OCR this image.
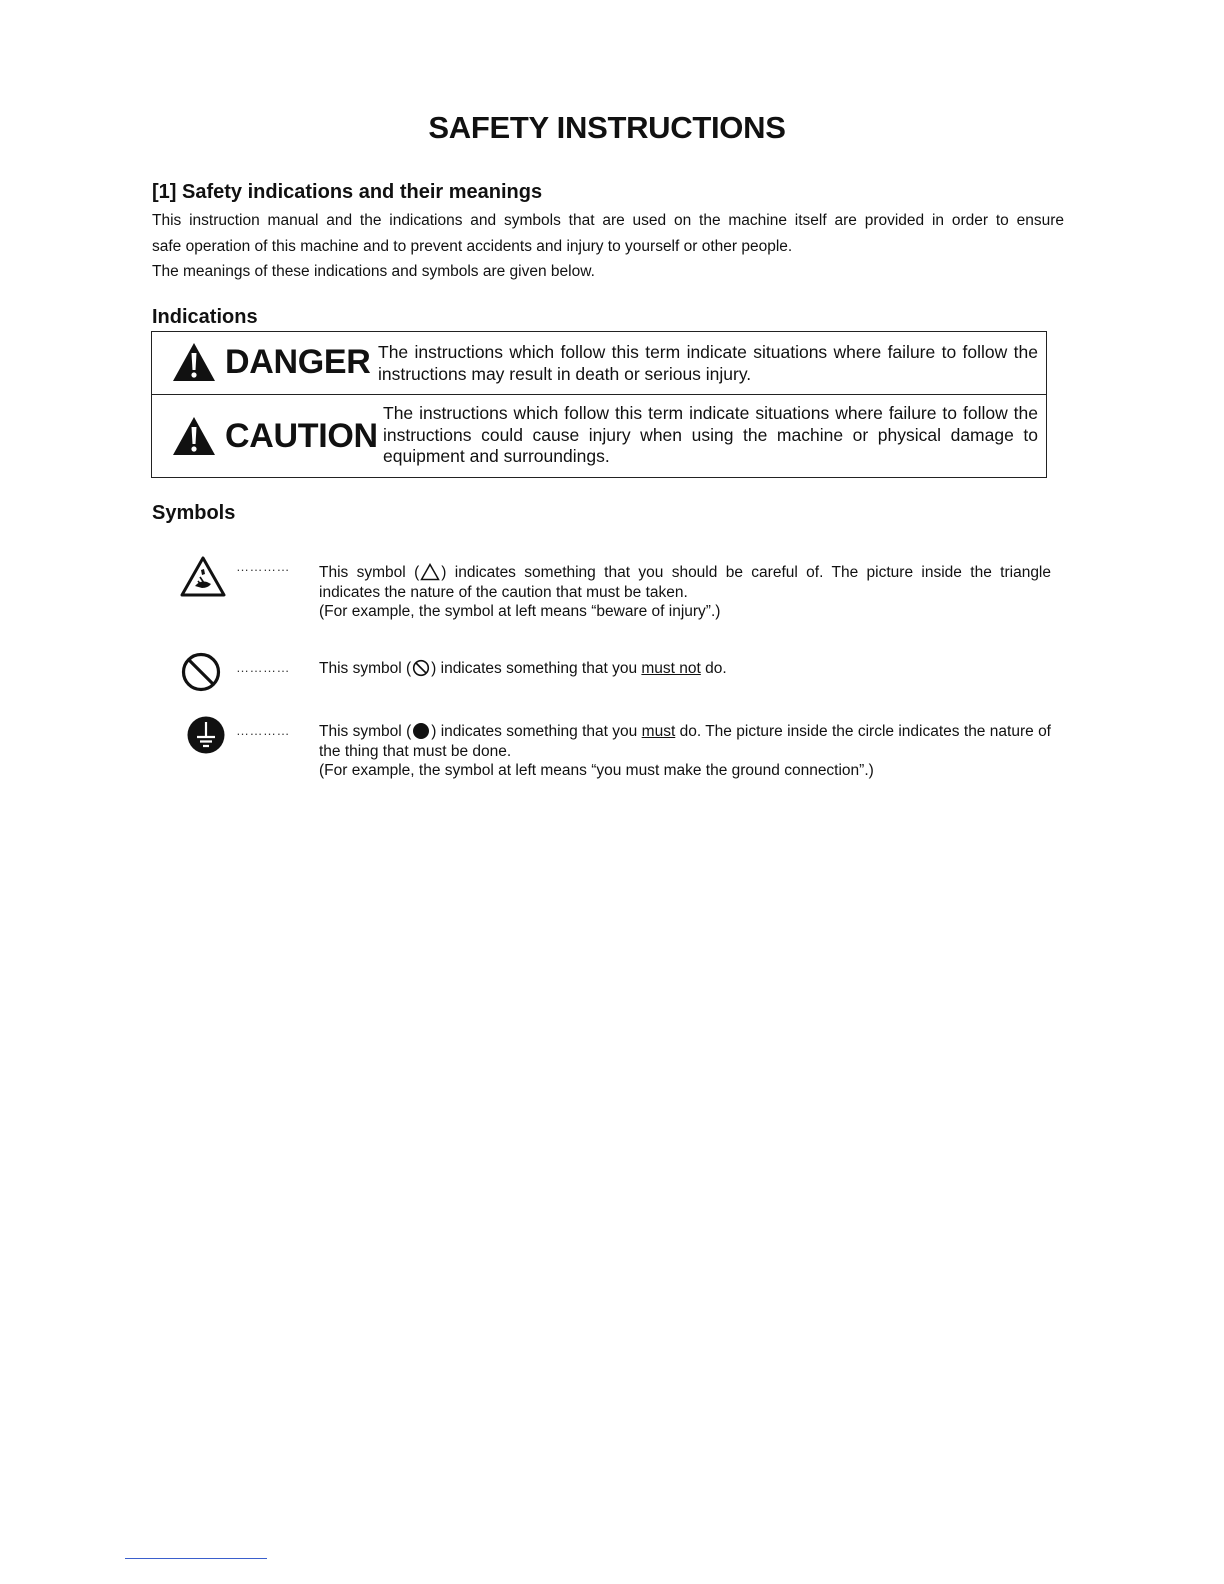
SAFETY INSTRUCTIONS
[1] Safety indications and their meanings

This instruction manual and the indications and symbols that are used on the machine itself are provided in order to ensure

safe operation of this machine and to prevent accidents and injury to yourself or other people.

The meanings of these indications and symbols are given below.

Indications
DANGER The instructions which follow this term indicate situations where failure to follow the instructions may result in death or serious injury.
CAUTION
The instructions which follow this term indicate situations where failure to follow the instructions could cause injury when using the machine or physical damage to equipment and surroundings.
Symbols
………… This symbol ( ) indicates something that you should be careful of. The picture inside the triangle indicates the nature of the caution that must be taken.

(For example, the symbol at left means “beware of injury”.)

………… This symbol ( ) indicates something that you must not do.

………… This symbol ( ) indicates something that you must do. The picture inside the circle indicates the nature of the thing that must be done.

(For example, the symbol at left means “you must make the ground connection”.)
